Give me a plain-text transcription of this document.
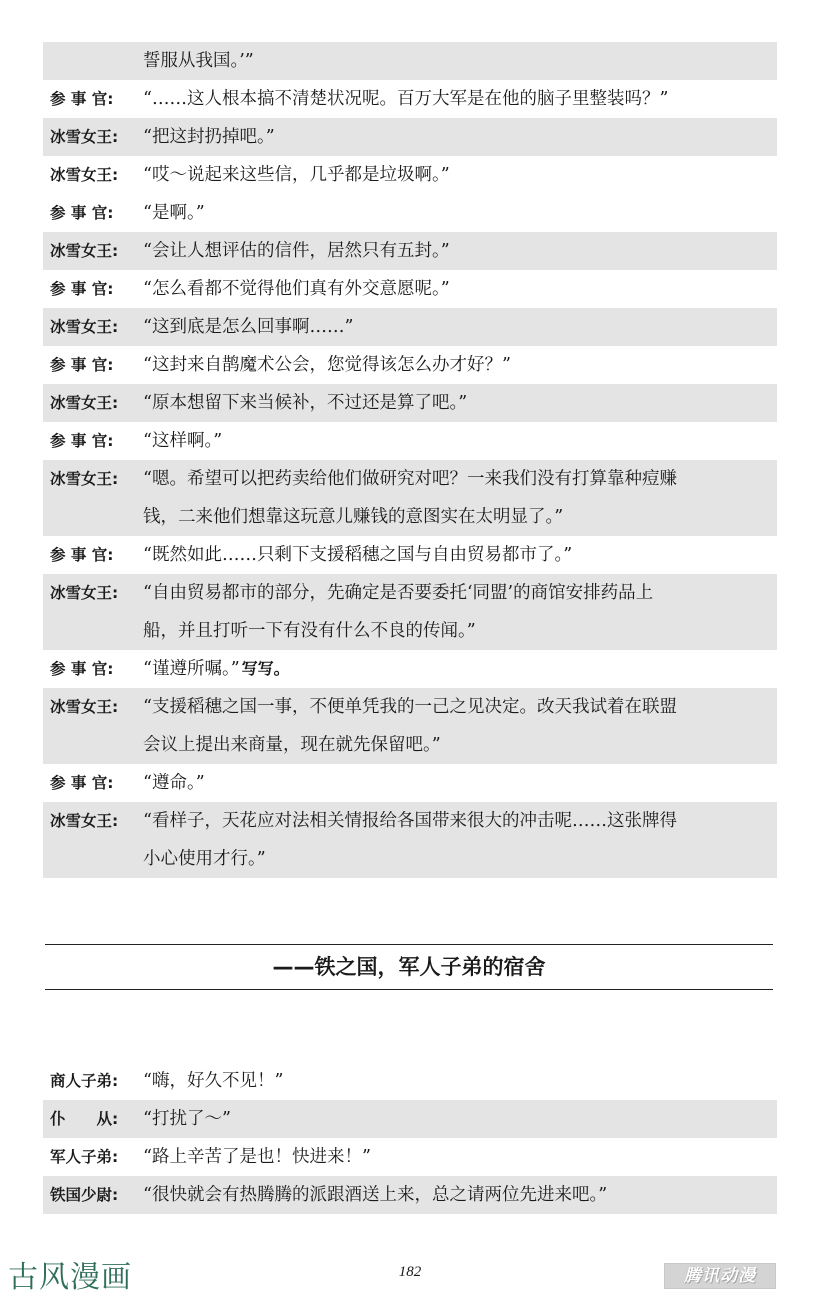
誓服从我国。’”
参 事 官:	“……这人根本搞不清楚状况呢。百万大军是在他的脑子里整装吗？”
冰雪女王:	“把这封扔掉吧。”
冰雪女王:	“哎～说起来这些信，几乎都是垃圾啊。”
参 事 官:	“是啊。”
冰雪女王:	“会让人想评估的信件，居然只有五封。”
参 事 官:	“怎么看都不觉得他们真有外交意愿呢。”
冰雪女王:	“这到底是怎么回事啊……”
参 事 官:	“这封来自鹊魔术公会，您觉得该怎么办才好？”
冰雪女王:	“原本想留下来当候补，不过还是算了吧。”
参 事 官:	“这样啊。”
冰雪女王:	“嗯。希望可以把药卖给他们做研究对吧？一来我们没有打算靠种痘赚
钱，二来他们想靠这玩意儿赚钱的意图实在太明显了。”
参 事 官:	“既然如此……只剩下支援稻穗之国与自由贸易都市了。”
冰雪女王:	“自由贸易都市的部分，先确定是否要委托‘同盟’的商馆安排药品上
船，并且打听一下有没有什么不良的传闻。”
参 事 官:	“谨遵所嘱。” 写写。
冰雪女王:	“支援稻穗之国一事，不便单凭我的一己之见决定。改天我试着在联盟
会议上提出来商量，现在就先保留吧。”
参 事 官:	“遵命。”
冰雪女王:	“看样子，天花应对法相关情报给各国带来很大的冲击呢……这张牌得
小心使用才行。”
——铁之国，军人子弟的宿舍
商人子弟:	“嗨，好久不见！”
仆　　从:	“打扰了～”
军人子弟:	“路上辛苦了是也！快进来！”
铁国少尉:	“很快就会有热腾腾的派跟酒送上来，总之请两位先进来吧。”
古风漫画	182	腾讯动漫
